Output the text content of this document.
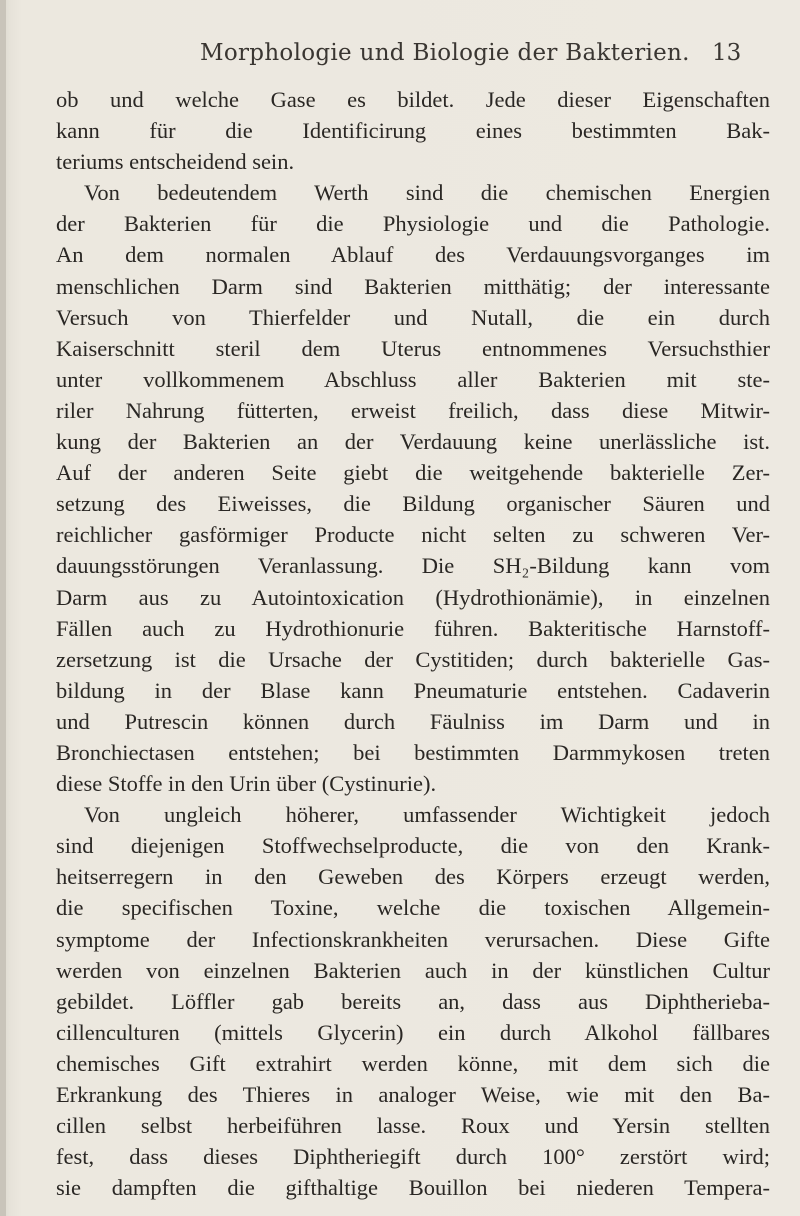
Morphologie und Biologie der Bakterien. 13
ob und welche Gase es bildet. Jede dieser Eigenschaften
kann für die Identificirung eines bestimmten Bak-
teriums entscheidend sein.
Von bedeutendem Werth sind die chemischen Energien
der Bakterien für die Physiologie und die Pathologie.
An dem normalen Ablauf des Verdauungsvorganges im
menschlichen Darm sind Bakterien mitthätig; der interessante
Versuch von Thierfelder und Nutall, die ein durch
Kaiserschnitt steril dem Uterus entnommenes Versuchsthier
unter vollkommenem Abschluss aller Bakterien mit ste-
riler Nahrung fütterten, erweist freilich, dass diese Mitwir-
kung der Bakterien an der Verdauung keine unerlässliche ist.
Auf der anderen Seite giebt die weitgehende bakterielle Zer-
setzung des Eiweisses, die Bildung organischer Säuren und
reichlicher gasförmiger Producte nicht selten zu schweren Ver-
dauungsstörungen Veranlassung. Die SH₂-Bildung kann vom
Darm aus zu Autointoxication (Hydrothionämie), in einzelnen
Fällen auch zu Hydrothionurie führen. Bakteritische Harnstoff-
zersetzung ist die Ursache der Cystitiden; durch bakterielle Gas-
bildung in der Blase kann Pneumaturie entstehen. Cadaverin
und Putrescin können durch Fäulniss im Darm und in
Bronchiectasen entstehen; bei bestimmten Darmmykosen treten
diese Stoffe in den Urin über (Cystinurie).
Von ungleich höherer, umfassender Wichtigkeit jedoch
sind diejenigen Stoffwechselproducte, die von den Krank-
heitserregern in den Geweben des Körpers erzeugt werden,
die specifischen Toxine, welche die toxischen Allgemein-
symptome der Infectionskrankheiten verursachen. Diese Gifte
werden von einzelnen Bakterien auch in der künstlichen Cultur
gebildet. Löffler gab bereits an, dass aus Diphtherieba-
cillenculturen (mittels Glycerin) ein durch Alkohol fällbares
chemisches Gift extrahirt werden könne, mit dem sich die
Erkrankung des Thieres in analoger Weise, wie mit den Ba-
cillen selbst herbeiführen lasse. Roux und Yersin stellten
fest, dass dieses Diphtheriegift durch 100° zerstört wird;
sie dampften die gifthaltige Bouillon bei niederen Tempera-
